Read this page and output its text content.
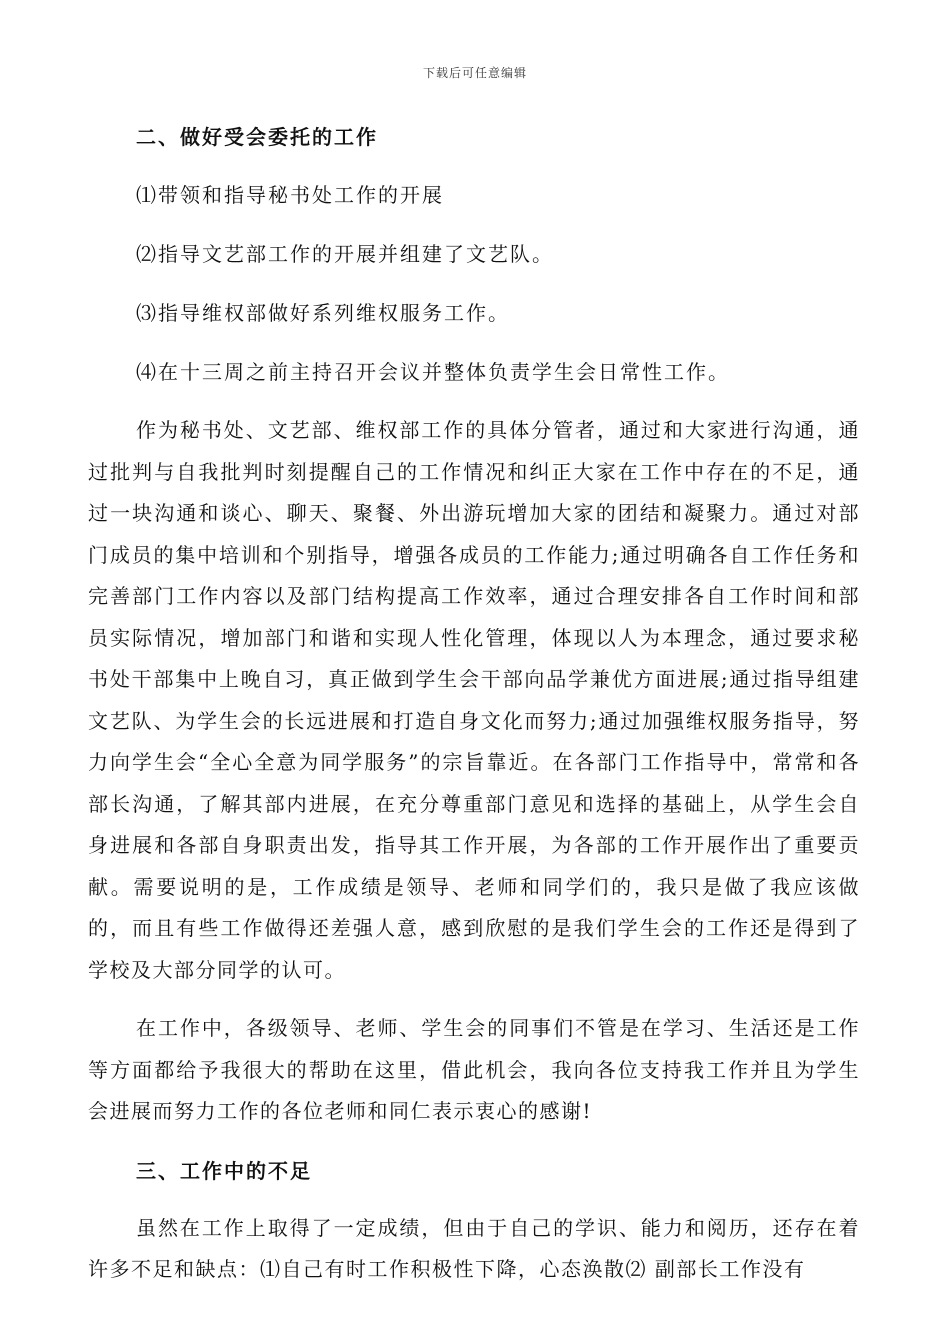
下载后可任意编辑
二、做好受会委托的工作
⑴带领和指导秘书处工作的开展
⑵指导文艺部工作的开展并组建了文艺队。
⑶指导维权部做好系列维权服务工作。
⑷在十三周之前主持召开会议并整体负责学生会日常性工作。
作为秘书处、文艺部、维权部工作的具体分管者，通过和大家进行沟通，通过批判与自我批判时刻提醒自己的工作情况和纠正大家在工作中存在的不足，通过一块沟通和谈心、聊天、聚餐、外出游玩增加大家的团结和凝聚力。通过对部门成员的集中培训和个别指导，增强各成员的工作能力;通过明确各自工作任务和完善部门工作内容以及部门结构提高工作效率，通过合理安排各自工作时间和部员实际情况，增加部门和谐和实现人性化管理，体现以人为本理念，通过要求秘书处干部集中上晚自习，真正做到学生会干部向品学兼优方面进展;通过指导组建文艺队、为学生会的长远进展和打造自身文化而努力;通过加强维权服务指导，努力向学生会“全心全意为同学服务”的宗旨靠近。在各部门工作指导中，常常和各部长沟通，了解其部内进展，在充分尊重部门意见和选择的基础上，从学生会自身进展和各部自身职责出发，指导其工作开展，为各部的工作开展作出了重要贡献。需要说明的是，工作成绩是领导、老师和同学们的，我只是做了我应该做的，而且有些工作做得还差强人意，感到欣慰的是我们学生会的工作还是得到了学校及大部分同学的认可。
在工作中，各级领导、老师、学生会的同事们不管是在学习、生活还是工作等方面都给予我很大的帮助在这里，借此机会，我向各位支持我工作并且为学生会进展而努力工作的各位老师和同仁表示衷心的感谢!
三、工作中的不足
虽然在工作上取得了一定成绩，但由于自己的学识、能力和阅历，还存在着许多不足和缺点：⑴自己有时工作积极性下降，心态涣散⑵ 副部长工作没有
